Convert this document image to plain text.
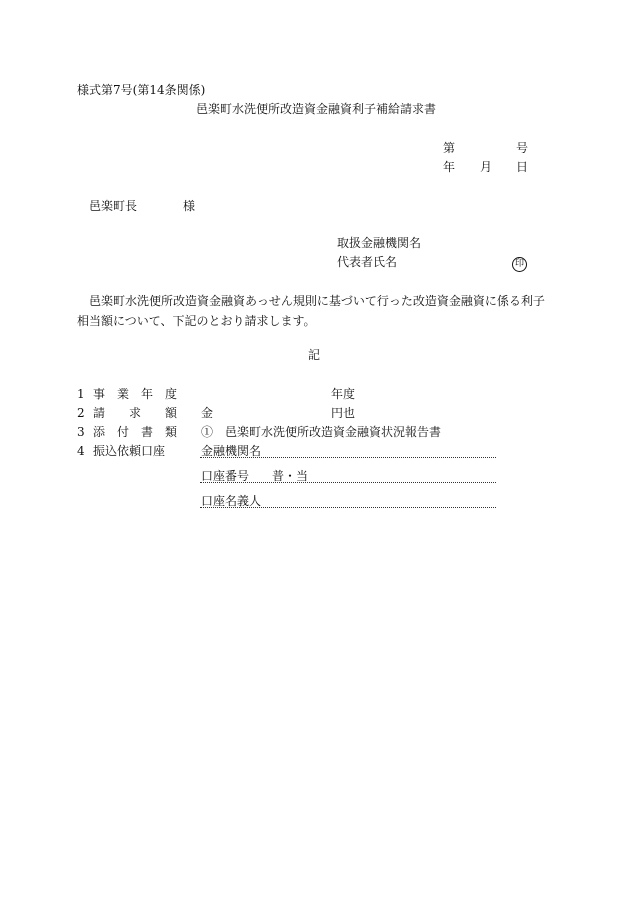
様式第7号(第14条関係)
邑楽町水洗便所改造資金融資利子補給請求書
第	号
年 月 日
邑楽町長	様
取扱金融機関名
代表者氏名	印
邑楽町水洗便所改造資金融資あっせん規則に基づいて行った改造資金融資に係る利子相当額について、下記のとおり請求します。
記
1 事　業　年　度	年度
2 請　　求　　額 金	円也
3 添　付　書　類 ①　邑楽町水洗便所改造資金融資状況報告書
4 振込依頼口座	金融機関名
口座番号 普・当
口座名義人
